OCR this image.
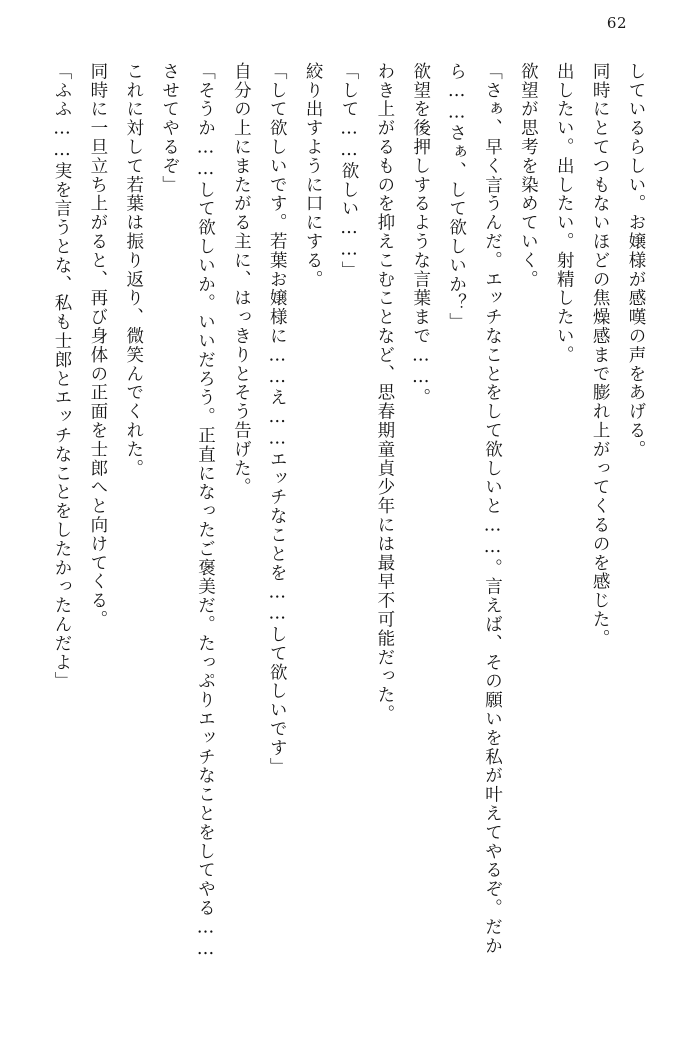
62

しているらしい。お嬢様が感嘆の声をあげる。

同時にとてつもないほどの焦燥感まで膨れ上がってくるのを感じた。

出したい。出したい。射精したい。

欲望が思考を染めていく。

「さぁ、早く言うんだ。エッチなことをして欲しいと……。言えば、その願いを私が叶えてやるぞ。だから……さぁ、して欲しいか？」

欲望を後押しするような言葉まで……。

わき上がるものを抑えこむことなど、思春期童貞少年には最早不可能だった。

「して……欲しい……」

絞り出すように口にする。

「して欲しいです。若葉お嬢様に……え……エッチなことを……して欲しいです」

自分の上にまたがる主に、はっきりとそう告げた。

「そうか……して欲しいか。いいだろう。正直になったご褒美だ。たっぷりエッチなことをしてやる……させてやるぞ」

これに対して若葉は振り返り、微笑んでくれた。

同時に一旦立ち上がると、再び身体の正面を士郎へと向けてくる。

「ふふ……実を言うとな、私も士郎とエッチなことをしたかったんだよ」
